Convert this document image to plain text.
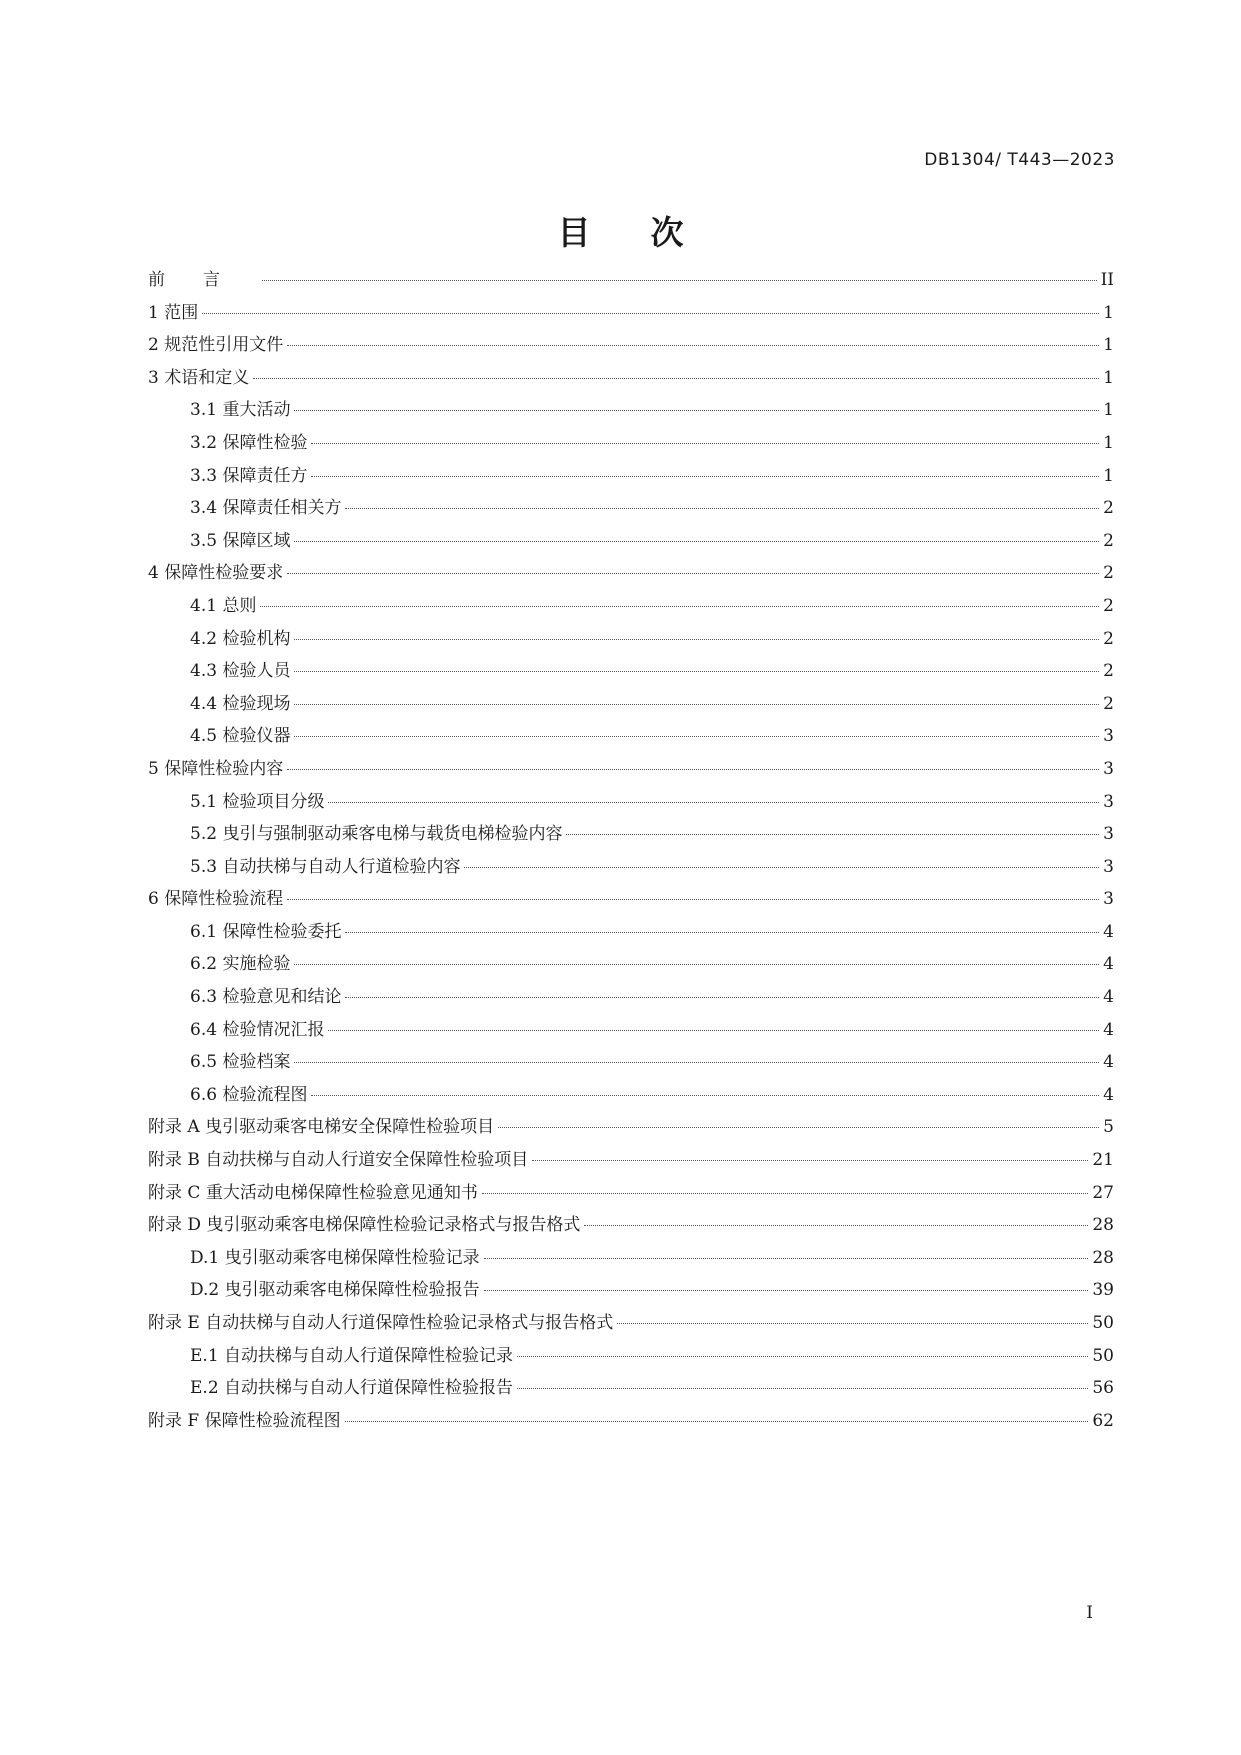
DB1304/ T443—2023
目次
前言	II
1 范围	1
2 规范性引用文件	1
3 术语和定义	1
3.1 重大活动	1
3.2 保障性检验	1
3.3 保障责任方	1
3.4 保障责任相关方	2
3.5 保障区域	2
4 保障性检验要求	2
4.1 总则	2
4.2 检验机构	2
4.3 检验人员	2
4.4 检验现场	2
4.5 检验仪器	3
5 保障性检验内容	3
5.1 检验项目分级	3
5.2 曳引与强制驱动乘客电梯与载货电梯检验内容	3
5.3 自动扶梯与自动人行道检验内容	3
6 保障性检验流程	3
6.1 保障性检验委托	4
6.2 实施检验	4
6.3 检验意见和结论	4
6.4 检验情况汇报	4
6.5 检验档案	4
6.6 检验流程图	4
附录 A 曳引驱动乘客电梯安全保障性检验项目	5
附录 B 自动扶梯与自动人行道安全保障性检验项目	21
附录 C 重大活动电梯保障性检验意见通知书	27
附录 D 曳引驱动乘客电梯保障性检验记录格式与报告格式	28
D.1 曳引驱动乘客电梯保障性检验记录	28
D.2 曳引驱动乘客电梯保障性检验报告	39
附录 E 自动扶梯与自动人行道保障性检验记录格式与报告格式	50
E.1 自动扶梯与自动人行道保障性检验记录	50
E.2 自动扶梯与自动人行道保障性检验报告	56
附录 F 保障性检验流程图	62
I
